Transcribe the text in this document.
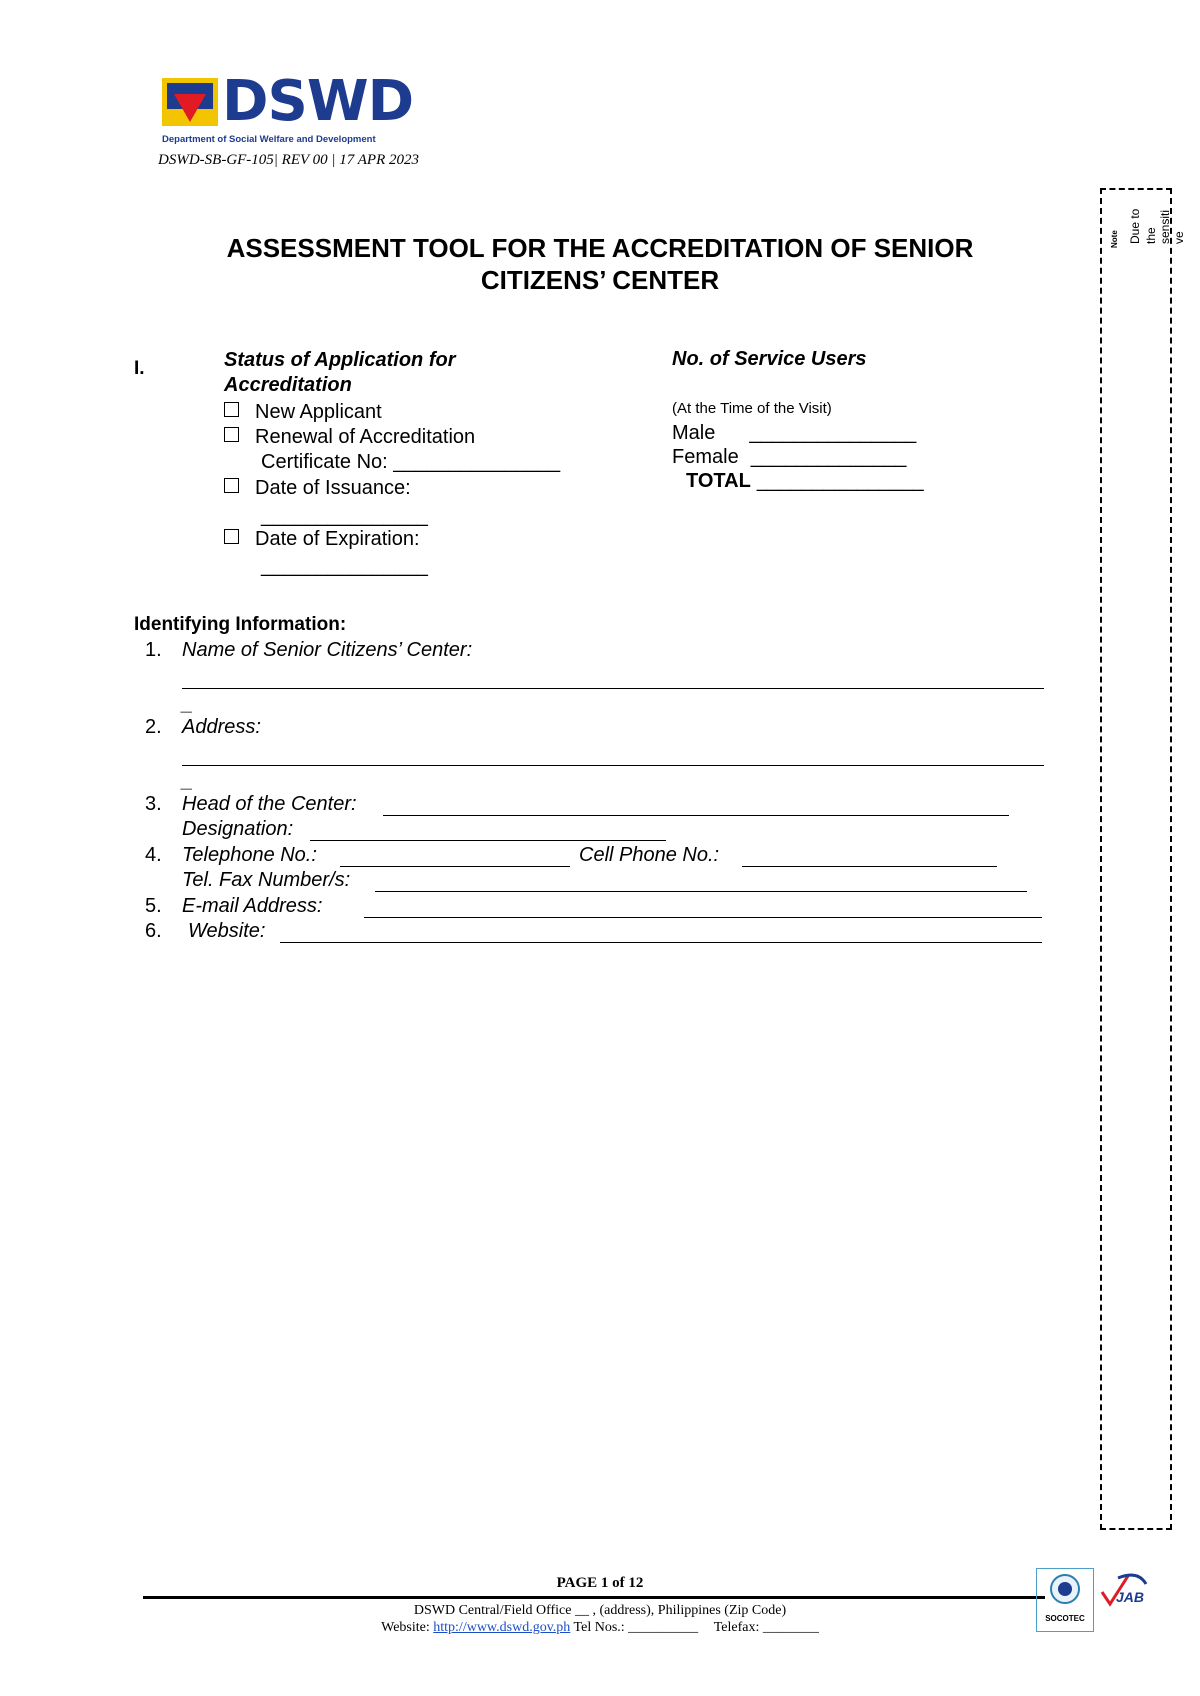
DSWD
Department of Social Welfare and Development
DSWD-SB-GF-105| REV 00 | 17 APR 2023
Note Due to the sensiti ve
ASSESSMENT TOOL FOR THE ACCREDITATION OF SENIOR
CITIZENS’ CENTER
I.	Status of Application for
Accreditation
New Applicant
Renewal of Accreditation
Certificate No: _______________
Date of Issuance:
_______________
Date of Expiration:
_______________
No. of Service Users
(At the Time of the Visit)
Male _______________
Female ______________
TOTAL _______________
Identifying Information:
1. Name of Senior Citizens’ Center:
_
2. Address:
_
3. Head of the Center:
Designation:
4. Telephone No.:	Cell Phone No.:
Tel. Fax Number/s:
5. E-mail Address:
6. Website:
PAGE 1 of 12
DSWD Central/Field Office __ , (address), Philippines (Zip Code)
Website: http://www.dswd.gov.ph Tel Nos.: __________ Telefax: ________
SOCOTEC
JAB
